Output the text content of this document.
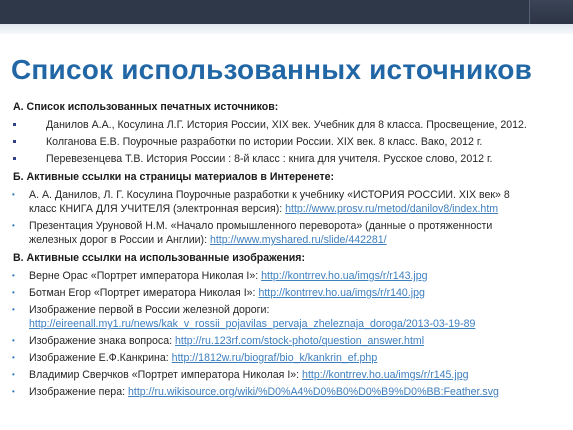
Список использованных источников
А. Список использованных печатных источников:
Данилов А.А., Косулина Л.Г. История России, XIX век. Учебник для 8 класса. Просвещение, 2012.
Колганова Е.В. Поурочные разработки по истории России. XIX век. 8 класс. Вако, 2012 г.
Перевезенцева Т.В. История России : 8-й класс : книга для учителя. Русское слово, 2012 г.
Б. Активные ссылки на страницы материалов в Интеренете:
• А. А. Данилов, Л. Г. Косулина Поурочные разработки к учебнику «ИСТОРИЯ РОССИИ. XIX век» 8
класс КНИГА ДЛЯ УЧИТЕЛЯ (электронная версия): http://www.prosv.ru/metod/danilov8/index.htm
• Презентация Уруновой Н.М. «Начало промышленного переворота» (данные о протяженности
железных дорог в России и Англии): http://www.myshared.ru/slide/442281/
В. Активные ссылки на использованные изображения:
• Верне Орас «Портрет императора Николая I»: http://kontrrev.ho.ua/imgs/r/r143.jpg
• Ботман Егор «Портрет имератора Николая I»: http://kontrrev.ho.ua/imgs/r/r140.jpg
• Изображение первой в России железной дороги:
http://eireenall.my1.ru/news/kak_v_rossii_pojavilas_pervaja_zheleznaja_doroga/2013-03-19-89
• Изображение знака вопроса: http://ru.123rf.com/stock-photo/question_answer.html
• Изображение Е.Ф.Канкрина: http://1812w.ru/biograf/bio_k/kankrin_ef.php
• Владимир Сверчков «Портрет императора Николая I»: http://kontrrev.ho.ua/imgs/r/r145.jpg
• Изображение пера: http://ru.wikisource.org/wiki/%D0%A4%D0%B0%D0%B9%D0%BB:Feather.svg
